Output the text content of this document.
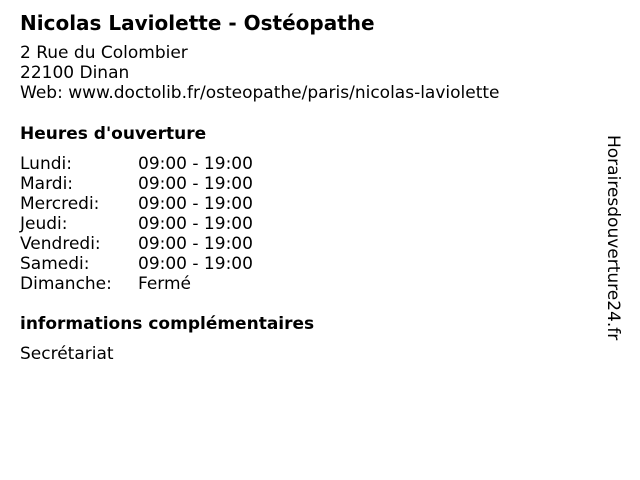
Nicolas Laviolette - Ostéopathe
2 Rue du Colombier
22100 Dinan
Web: www.doctolib.fr/osteopathe/paris/nicolas-laviolette
Heures d'ouverture
Lundi:	09:00 - 19:00
Mardi:	09:00 - 19:00
Mercredi:	09:00 - 19:00
Jeudi:	09:00 - 19:00
Vendredi:	09:00 - 19:00
Samedi:	09:00 - 19:00
Dimanche:	Fermé
informations complémentaires
Secrétariat
Horairesdouverture24.fr
